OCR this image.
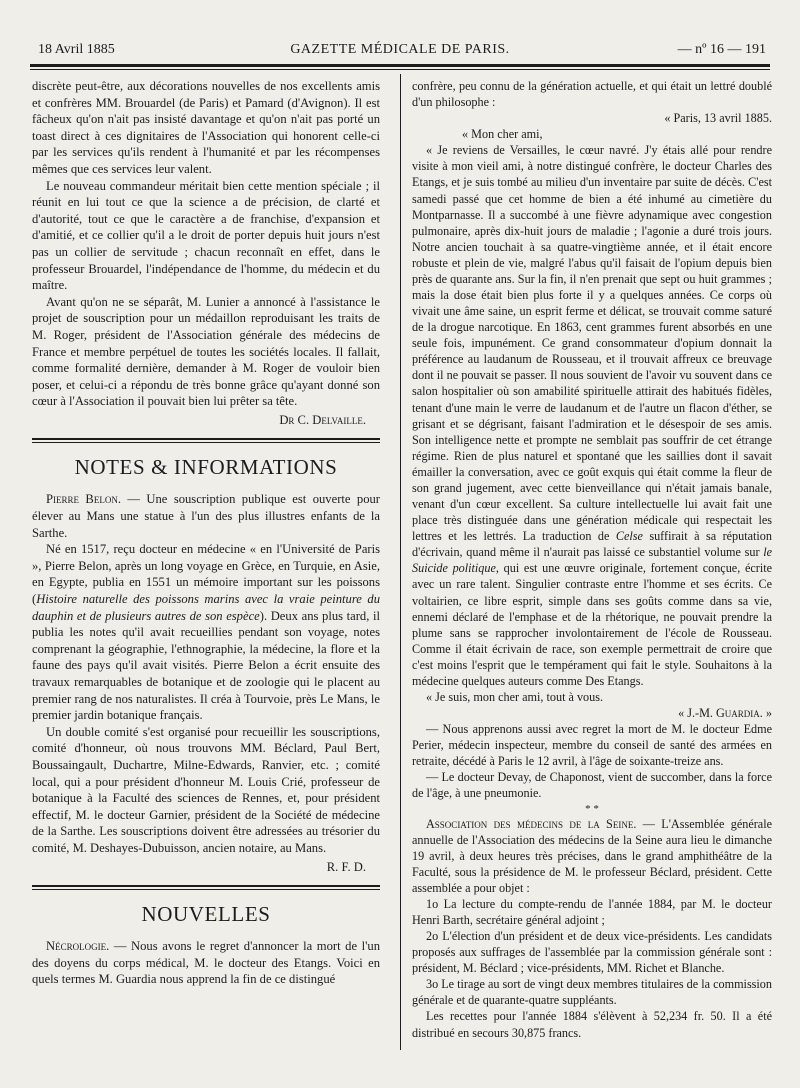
18 Avril 1885	GAZETTE MÉDICALE DE PARIS.	— nº 16 — 191

discrète peut-être, aux décorations nouvelles de nos excellents amis et confrères MM. Brouardel (de Paris) et Pamard (d'Avignon). Il est fâcheux qu'on n'ait pas insisté davantage et qu'on n'ait pas porté un toast direct à ces dignitaires de l'Association qui honorent celle-ci par les services qu'ils rendent à l'humanité et par les récompenses mêmes que ces services leur valent.

Le nouveau commandeur méritait bien cette mention spéciale ; il réunit en lui tout ce que la science a de précision, de clarté et d'autorité, tout ce que le caractère a de franchise, d'expansion et d'amitié, et ce collier qu'il a le droit de porter depuis huit jours n'est pas un collier de servitude ; chacun reconnaît en effet, dans le professeur Brouardel, l'indépendance de l'homme, du médecin et du maître.

Avant qu'on ne se séparât, M. Lunier a annoncé à l'assistance le projet de souscription pour un médaillon reproduisant les traits de M. Roger, président de l'Association générale des médecins de France et membre perpétuel de toutes les sociétés locales. Il fallait, comme formalité dernière, demander à M. Roger de vouloir bien poser, et celui-ci a répondu de très bonne grâce qu'ayant donné son cœur à l'Association il pouvait bien lui prêter sa tête.

Dr C. Delvaille.

NOTES & INFORMATIONS

Pierre Belon. — Une souscription publique est ouverte pour élever au Mans une statue à l'un des plus illustres enfants de la Sarthe.

Né en 1517, reçu docteur en médecine « en l'Université de Paris », Pierre Belon, après un long voyage en Grèce, en Turquie, en Asie, en Egypte, publia en 1551 un mémoire important sur les poissons (Histoire naturelle des poissons marins avec la vraie peinture du dauphin et de plusieurs autres de son espèce). Deux ans plus tard, il publia les notes qu'il avait recueillies pendant son voyage, notes comprenant la géographie, l'ethnographie, la médecine, la flore et la faune des pays qu'il avait visités. Pierre Belon a écrit ensuite des travaux remarquables de botanique et de zoologie qui le placent au premier rang de nos naturalistes. Il créa à Tourvoie, près Le Mans, le premier jardin botanique français.

Un double comité s'est organisé pour recueillir les souscriptions, comité d'honneur, où nous trouvons MM. Béclard, Paul Bert, Boussaingault, Duchartre, Milne-Edwards, Ranvier, etc. ; comité local, qui a pour président d'honneur M. Louis Crié, professeur de botanique à la Faculté des sciences de Rennes, et, pour président effectif, M. le docteur Garnier, président de la Société de médecine de la Sarthe. Les souscriptions doivent être adressées au trésorier du comité, M. Deshayes-Dubuisson, ancien notaire, au Mans.

R. F. D.

NOUVELLES

Nécrologie. — Nous avons le regret d'annoncer la mort de l'un des doyens du corps médical, M. le docteur des Etangs. Voici en quels termes M. Guardia nous apprend la fin de ce distingué

confrère, peu connu de la génération actuelle, et qui était un lettré doublé d'un philosophe :

« Paris, 13 avril 1885.

« Mon cher ami,

« Je reviens de Versailles, le cœur navré. J'y étais allé pour rendre visite à mon vieil ami, à notre distingué confrère, le docteur Charles des Etangs, et je suis tombé au milieu d'un inventaire par suite de décès. C'est samedi passé que cet homme de bien a été inhumé au cimetière du Montparnasse. Il a succombé à une fièvre adynamique avec congestion pulmonaire, après dix-huit jours de maladie ; l'agonie a duré trois jours. Notre ancien touchait à sa quatre-vingtième année, et il était encore robuste et plein de vie, malgré l'abus qu'il faisait de l'opium depuis bien près de quarante ans. Sur la fin, il n'en prenait que sept ou huit grammes ; mais la dose était bien plus forte il y a quelques années. Ce corps où vivait une âme saine, un esprit ferme et délicat, se trouvait comme saturé de la drogue narcotique. En 1863, cent grammes furent absorbés en une seule fois, impunément. Ce grand consommateur d'opium donnait la préférence au laudanum de Rousseau, et il trouvait affreux ce breuvage dont il ne pouvait se passer. Il nous souvient de l'avoir vu souvent dans ce salon hospitalier où son amabilité spirituelle attirait des habitués fidèles, tenant d'une main le verre de laudanum et de l'autre un flacon d'éther, se grisant et se dégrisant, faisant l'admiration et le désespoir de ses amis. Son intelligence nette et prompte ne semblait pas souffrir de cet étrange régime. Rien de plus naturel et spontané que les saillies dont il savait émailler la conversation, avec ce goût exquis qui était comme la fleur de son grand jugement, avec cette bienveillance qui n'était jamais banale, venant d'un cœur excellent. Sa culture intellectuelle lui avait fait une place très distinguée dans une génération médicale qui respectait les lettres et les lettrés. La traduction de Celse suffirait à sa réputation d'écrivain, quand même il n'aurait pas laissé ce substantiel volume sur le Suicide politique, qui est une œuvre originale, fortement conçue, écrite avec un rare talent. Singulier contraste entre l'homme et ses écrits. Ce voltairien, ce libre esprit, simple dans ses goûts comme dans sa vie, ennemi déclaré de l'emphase et de la rhétorique, ne pouvait prendre la plume sans se rapprocher involontairement de l'école de Rousseau. Comme il était écrivain de race, son exemple permettrait de croire que c'est moins l'esprit que le tempérament qui fait le style. Souhaitons à la médecine quelques auteurs comme Des Etangs.

« Je suis, mon cher ami, tout à vous.

« J.-M. Guardia. »

— Nous apprenons aussi avec regret la mort de M. le docteur Edme Perier, médecin inspecteur, membre du conseil de santé des armées en retraite, décédé à Paris le 12 avril, à l'âge de soixante-treize ans.

— Le docteur Devay, de Chaponost, vient de succomber, dans la force de l'âge, à une pneumonie.

* *

Association des médecins de la Seine. — L'Assemblée générale annuelle de l'Association des médecins de la Seine aura lieu le dimanche 19 avril, à deux heures très précises, dans le grand amphithéâtre de la Faculté, sous la présidence de M. le professeur Béclard, président. Cette assemblée a pour objet :

1o La lecture du compte-rendu de l'année 1884, par M. le docteur Henri Barth, secrétaire général adjoint ;

2o L'élection d'un président et de deux vice-présidents. Les candidats proposés aux suffrages de l'assemblée par la commission générale sont : président, M. Béclard ; vice-présidents, MM. Richet et Blanche.

3o Le tirage au sort de vingt deux membres titulaires de la commission générale et de quarante-quatre suppléants.

Les recettes pour l'année 1884 s'élèvent à 52,234 fr. 50. Il a été distribué en secours 30,875 francs.
